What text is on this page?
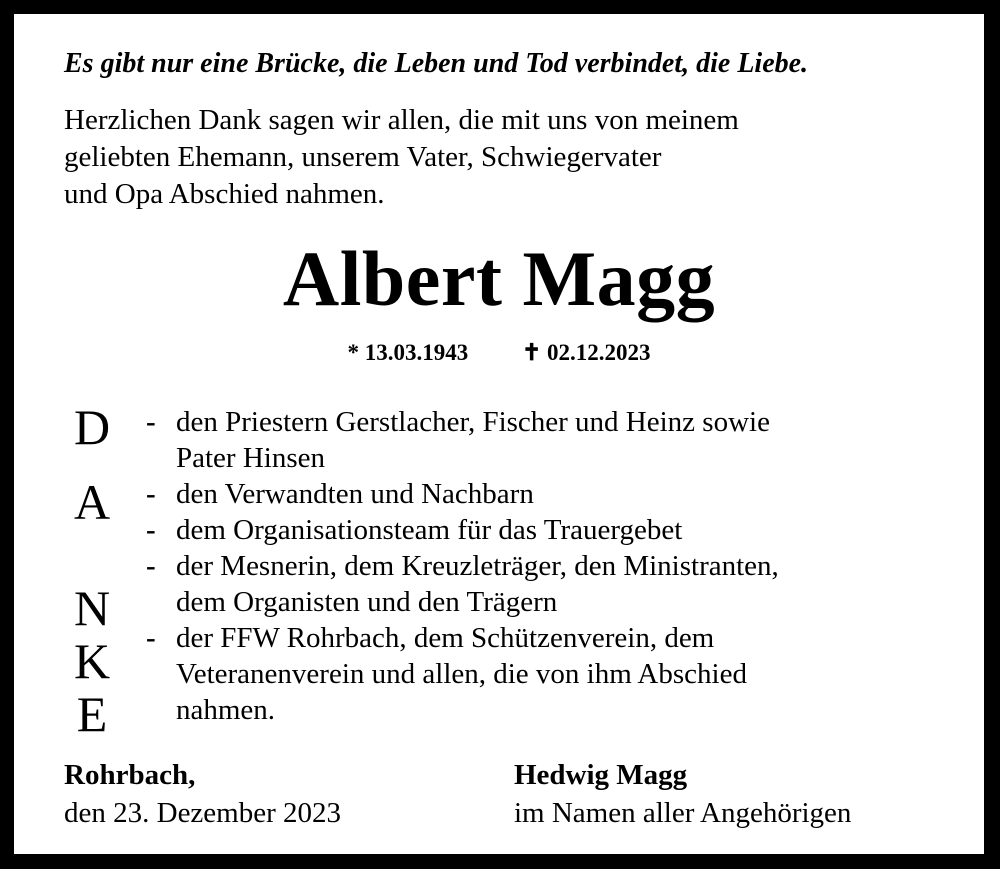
Es gibt nur eine Brücke, die Leben und Tod verbindet, die Liebe.
Herzlichen Dank sagen wir allen, die mit uns von meinem
geliebten Ehemann, unserem Vater, Schwiegervater
und Opa Abschied nahmen.
Albert Magg
* 13.03.1943 ✝ 02.12.2023
D
A
N
K
E
- den Priestern Gerstlacher, Fischer und Heinz sowie
Pater Hinsen
- den Verwandten und Nachbarn
- dem Organisationsteam für das Trauergebet
- der Mesnerin, dem Kreuzleträger, den Ministranten,
dem Organisten und den Trägern
- der FFW Rohrbach, dem Schützenverein, dem
Veteranenverein und allen, die von ihm Abschied
nahmen.
Rohrbach,
den 23. Dezember 2023
Hedwig Magg
im Namen aller Angehörigen
